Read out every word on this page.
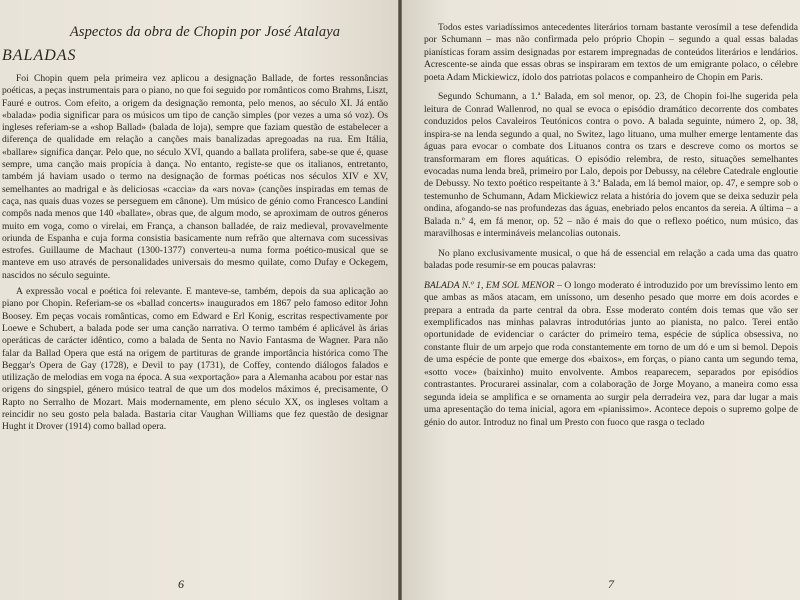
Aspectos da obra de Chopin por José Atalaya
BALADAS

Foi Chopin quem pela primeira vez aplicou a designação Ballade, de fortes ressonâncias poéticas, a peças instrumentais para o piano, no que foi seguido por românticos como Brahms, Liszt, Fauré e outros. Com efeito, a origem da designação remonta, pelo menos, ao século XI. Já então «balada» podia significar para os músicos um tipo de canção simples (por vezes a uma só voz). Os ingleses referiam-se a «shop Ballad» (balada de loja), sempre que faziam questão de estabelecer a diferença de qualidade em relação a canções mais banalizadas apregoadas na rua. Em Itália, «ballare» significa dançar. Pelo que, no século XVI, quando a ballata prolifera, sabe-se que é, quase sempre, uma canção mais propícia à dança. No entanto, registe-se que os italianos, entretanto, também já haviam usado o termo na designação de formas poéticas nos séculos XIV e XV, semelhantes ao madrigal e às deliciosas «caccia» da «ars nova» (canções inspiradas em temas de caça, nas quais duas vozes se perseguem em cânone). Um músico de génio como Francesco Landini compôs nada menos que 140 «ballate», obras que, de algum modo, se aproximam de outros géneros muito em voga, como o virelai, em França, a chanson balladée, de raiz medieval, provavelmente oriunda de Espanha e cuja forma consistia basicamente num refrão que alternava com sucessivas estrofes. Guillaume de Machaut (1300-1377) converteu-a numa forma poético-musical que se manteve em uso através de personalidades universais do mesmo quilate, como Dufay e Ockegem, nascidos no século seguinte.

A expressão vocal e poética foi relevante. E manteve-se, também, depois da sua aplicação ao piano por Chopin. Referiam-se os «ballad concerts» inaugurados em 1867 pelo famoso editor John Boosey. Em peças vocais românticas, como em Edward e Erl Konig, escritas respectivamente por Loewe e Schubert, a balada pode ser uma canção narrativa. O termo também é aplicável às árias operáticas de carácter idêntico, como a balada de Senta no Navio Fantasma de Wagner. Para não falar da Ballad Opera que está na origem de partituras de grande importância histórica como The Beggar's Opera de Gay (1728), e Devil to pay (1731), de Coffey, contendo diálogos falados e utilização de melodias em voga na época. A sua «exportação» para a Alemanha acabou por estar nas origens do singspiel, género músico teatral de que um dos modelos máximos é, precisamente, O Rapto no Serralho de Mozart. Mais modernamente, em pleno século XX, os ingleses voltam a reincidir no seu gosto pela balada. Bastaria citar Vaughan Williams que fez questão de designar Hught it Drover (1914) como ballad opera.

6

Todos estes variadíssimos antecedentes literários tornam bastante verosímil a tese defendida por Schumann – mas não confirmada pelo próprio Chopin – segundo a qual essas baladas pianísticas foram assim designadas por estarem impregnadas de conteúdos literários e lendários. Acrescente-se ainda que essas obras se inspiraram em textos de um emigrante polaco, o célebre poeta Adam Mickiewicz, ídolo dos patriotas polacos e companheiro de Chopin em Paris.

Segundo Schumann, a 1.ª Balada, em sol menor, op. 23, de Chopin foi-lhe sugerida pela leitura de Conrad Wallenrod, no qual se evoca o episódio dramático decorrente dos combates conduzidos pelos Cavaleiros Teutónicos contra o povo. A balada seguinte, número 2, op. 38, inspira-se na lenda segundo a qual, no Switez, lago lituano, uma mulher emerge lentamente das águas para evocar o combate dos Lituanos contra os tzars e descreve como os mortos se transformaram em flores aquáticas. O episódio relembra, de resto, situações semelhantes evocadas numa lenda breã, primeiro por Lalo, depois por Debussy, na célebre Catedrale engloutie de Debussy. No texto poético respeitante à 3.ª Balada, em lá bemol maior, op. 47, e sempre sob o testemunho de Schumann, Adam Mickiewicz relata a história do jovem que se deixa seduzir pela ondina, afogando-se nas profundezas das águas, enebriado pelos encantos da sereia. A última – a Balada n.º 4, em fá menor, op. 52 – não é mais do que o reflexo poético, num músico, das maravilhosas e intermináveis melancolias outonais.

No plano exclusivamente musical, o que há de essencial em relação a cada uma das quatro baladas pode resumir-se em poucas palavras:

BALADA N.º 1, EM SOL MENOR – O longo moderato é introduzido por um brevíssimo lento em que ambas as mãos atacam, em uníssono, um desenho pesado que morre em dois acordes e prepara a entrada da parte central da obra. Esse moderato contém dois temas que vão ser exemplificados nas minhas palavras introdutórias junto ao pianista, no palco. Terei então oportunidade de evidenciar o carácter do primeiro tema, espécie de súplica obsessiva, no constante fluir de um arpejo que roda constantemente em torno de um dó e um si bemol. Depois de uma espécie de ponte que emerge dos «baixos», em forças, o piano canta um segundo tema, «sotto voce» (baixinho) muito envolvente. Ambos reaparecem, separados por episódios contrastantes. Procurarei assinalar, com a colaboração de Jorge Moyano, a maneira como essa segunda ideia se amplifica e se ornamenta ao surgir pela derradeira vez, para dar lugar a mais uma apresentação do tema inicial, agora em «pianissimo». Acontece depois o supremo golpe de génio do autor. Introduz no final um Presto con fuoco que rasga o teclado

7
